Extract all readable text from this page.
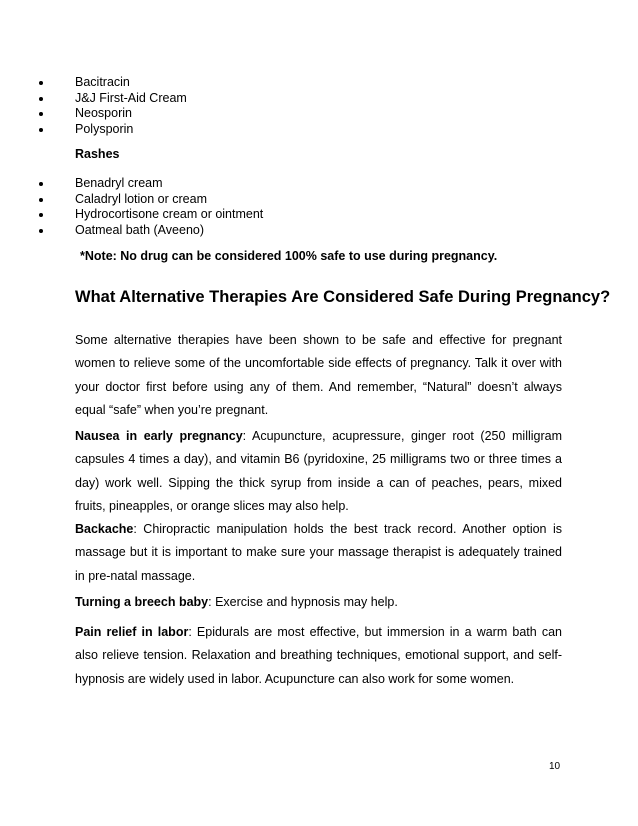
Bacitracin
J&J First-Aid Cream
Neosporin
Polysporin
Rashes
Benadryl cream
Caladryl lotion or cream
Hydrocortisone cream or ointment
Oatmeal bath (Aveeno)
*Note: No drug can be considered 100% safe to use during pregnancy.
What Alternative Therapies Are Considered Safe During Pregnancy?

Some alternative therapies have been shown to be safe and effective for pregnant women to relieve some of the uncomfortable side effects of pregnancy. Talk it over with your doctor first before using any of them. And remember, “Natural” doesn’t always equal “safe” when you’re pregnant.

Nausea in early pregnancy: Acupuncture, acupressure, ginger root (250 milligram capsules 4 times a day), and vitamin B6 (pyridoxine, 25 milligrams two or three times a day) work well. Sipping the thick syrup from inside a can of peaches, pears, mixed fruits, pineapples, or orange slices may also help.

Backache: Chiropractic manipulation holds the best track record. Another option is massage but it is important to make sure your massage therapist is adequately trained in pre-natal massage.

Turning a breech baby: Exercise and hypnosis may help.

Pain relief in labor: Epidurals are most effective, but immersion in a warm bath can also relieve tension. Relaxation and breathing techniques, emotional support, and self-hypnosis are widely used in labor. Acupuncture can also work for some women.

10
